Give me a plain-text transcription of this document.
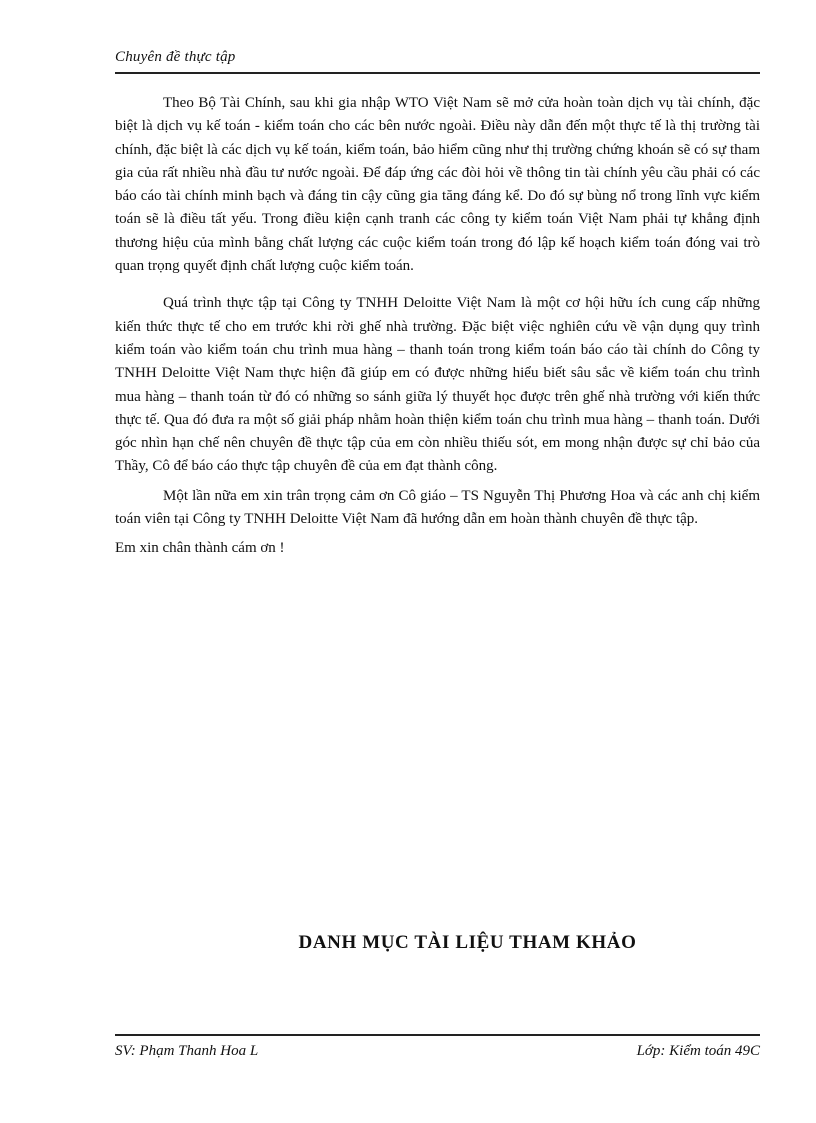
Chuyên đề thực tập

Theo Bộ Tài Chính, sau khi gia nhập WTO Việt Nam sẽ mở cửa hoàn toàn dịch vụ tài chính, đặc biệt là dịch vụ kế toán - kiểm toán cho các bên nước ngoài. Điều này dẫn đến một thực tế là thị trường tài chính, đặc biệt là các dịch vụ kế toán, kiểm toán, bảo hiểm cũng như thị trường chứng khoán sẽ có sự tham gia của rất nhiều nhà đầu tư nước ngoài. Để đáp ứng các đòi hỏi về thông tin tài chính yêu cầu phải có các báo cáo tài chính minh bạch và đáng tin cậy cũng gia tăng đáng kể. Do đó sự bùng nổ trong lĩnh vực kiểm toán sẽ là điều tất yếu. Trong điều kiện cạnh tranh các công ty kiểm toán Việt Nam phải tự khẳng định thương hiệu của mình bằng chất lượng các cuộc kiểm toán trong đó lập kế hoạch kiểm toán đóng vai trò quan trọng quyết định chất lượng cuộc kiểm toán.

Quá trình thực tập tại Công ty TNHH Deloitte Việt Nam là một cơ hội hữu ích cung cấp những kiến thức thực tế cho em trước khi rời ghế nhà trường. Đặc biệt việc nghiên cứu về vận dụng quy trình kiểm toán vào kiểm toán chu trình mua hàng – thanh toán trong kiểm toán báo cáo tài chính do Công ty TNHH Deloitte Việt Nam thực hiện đã giúp em có được những hiểu biết sâu sắc về kiểm toán chu trình mua hàng – thanh toán từ đó có những so sánh giữa lý thuyết học được trên ghế nhà trường với kiến thức thực tế. Qua đó đưa ra một số giải pháp nhằm hoàn thiện kiểm toán chu trình mua hàng – thanh toán. Dưới góc nhìn hạn chế nên chuyên đề thực tập của em còn nhiều thiếu sót, em mong nhận được sự chỉ bảo của Thầy, Cô để báo cáo thực tập chuyên đề của em đạt thành công.

Một lần nữa em xin trân trọng cảm ơn Cô giáo – TS Nguyễn Thị Phương Hoa và các anh chị kiểm toán viên tại Công ty TNHH Deloitte Việt Nam đã hướng dẫn em hoàn thành chuyên đề thực tập.

Em xin chân thành cám ơn !

DANH MỤC TÀI LIỆU THAM KHẢO
SV: Phạm Thanh Hoa L	Lớp: Kiểm toán 49C
